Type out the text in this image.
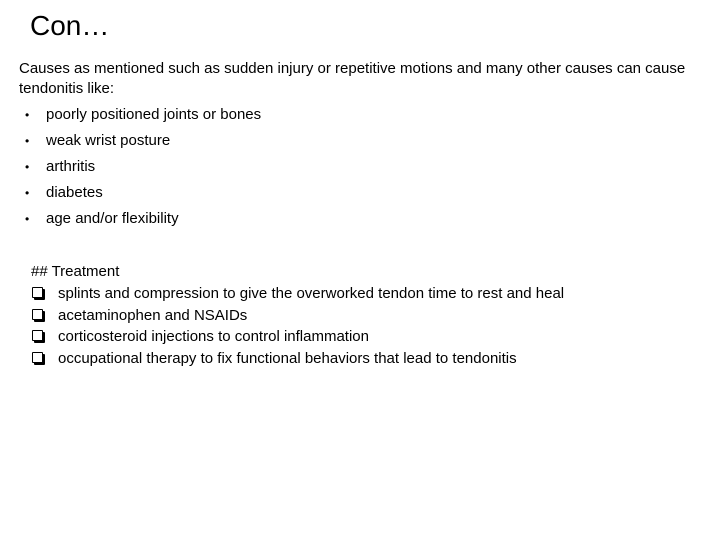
Con…

Causes as mentioned such as sudden injury or repetitive motions and many other causes can cause tendonitis like:

• poorly positioned joints or bones
• weak wrist posture
• arthritis
• diabetes
• age and/or flexibility
## Treatment
splints and compression to give the overworked tendon time to rest and heal
acetaminophen and NSAIDs
corticosteroid injections to control inflammation
occupational therapy to fix functional behaviors that lead to tendonitis
